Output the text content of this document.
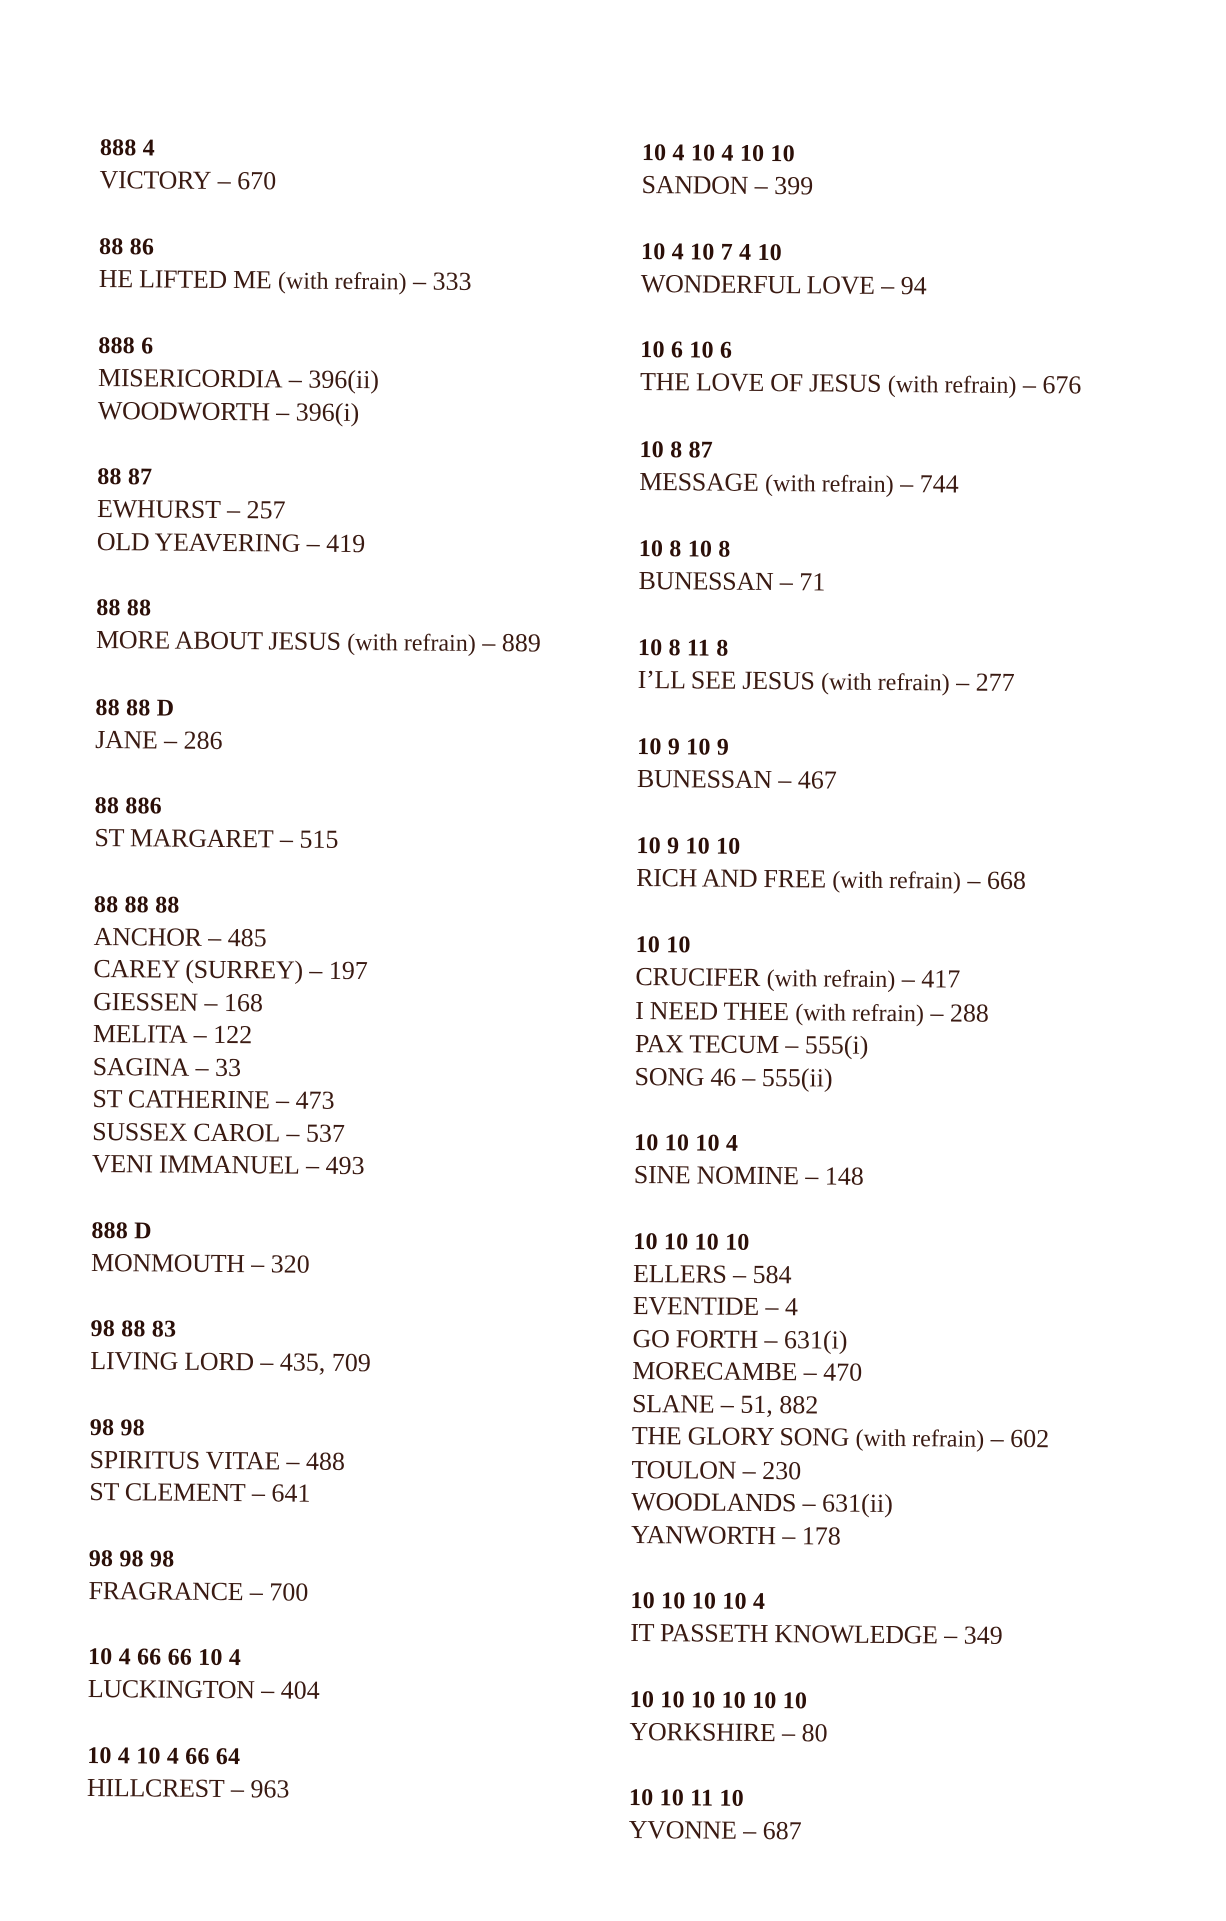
888 4
VICTORY – 670
88 86
HE LIFTED ME (with refrain) – 333
888 6
MISERICORDIA – 396(ii)
WOODWORTH – 396(i)
88 87
EWHURST – 257
OLD YEAVERING – 419
88 88
MORE ABOUT JESUS (with refrain) – 889
88 88 D
JANE – 286
88 886
ST MARGARET – 515
88 88 88
ANCHOR – 485
CAREY (SURREY) – 197
GIESSEN – 168
MELITA – 122
SAGINA – 33
ST CATHERINE – 473
SUSSEX CAROL – 537
VENI IMMANUEL – 493
888 D
MONMOUTH – 320
98 88 83
LIVING LORD – 435, 709
98 98
SPIRITUS VITAE – 488
ST CLEMENT – 641
98 98 98
FRAGRANCE – 700
10 4 66 66 10 4
LUCKINGTON – 404
10 4 10 4 66 64
HILLCREST – 963
10 4 10 4 10 10
SANDON – 399
10 4 10 7 4 10
WONDERFUL LOVE – 94
10 6 10 6
THE LOVE OF JESUS (with refrain) – 676
10 8 87
MESSAGE (with refrain) – 744
10 8 10 8
BUNESSAN – 71
10 8 11 8
I’LL SEE JESUS (with refrain) – 277
10 9 10 9
BUNESSAN – 467
10 9 10 10
RICH AND FREE (with refrain) – 668
10 10
CRUCIFER (with refrain) – 417
I NEED THEE (with refrain) – 288
PAX TECUM – 555(i)
SONG 46 – 555(ii)
10 10 10 4
SINE NOMINE – 148
10 10 10 10
ELLERS – 584
EVENTIDE – 4
GO FORTH – 631(i)
MORECAMBE – 470
SLANE – 51, 882
THE GLORY SONG (with refrain) – 602
TOULON – 230
WOODLANDS – 631(ii)
YANWORTH – 178
10 10 10 10 4
IT PASSETH KNOWLEDGE – 349
10 10 10 10 10 10
YORKSHIRE – 80
10 10 11 10
YVONNE – 687
